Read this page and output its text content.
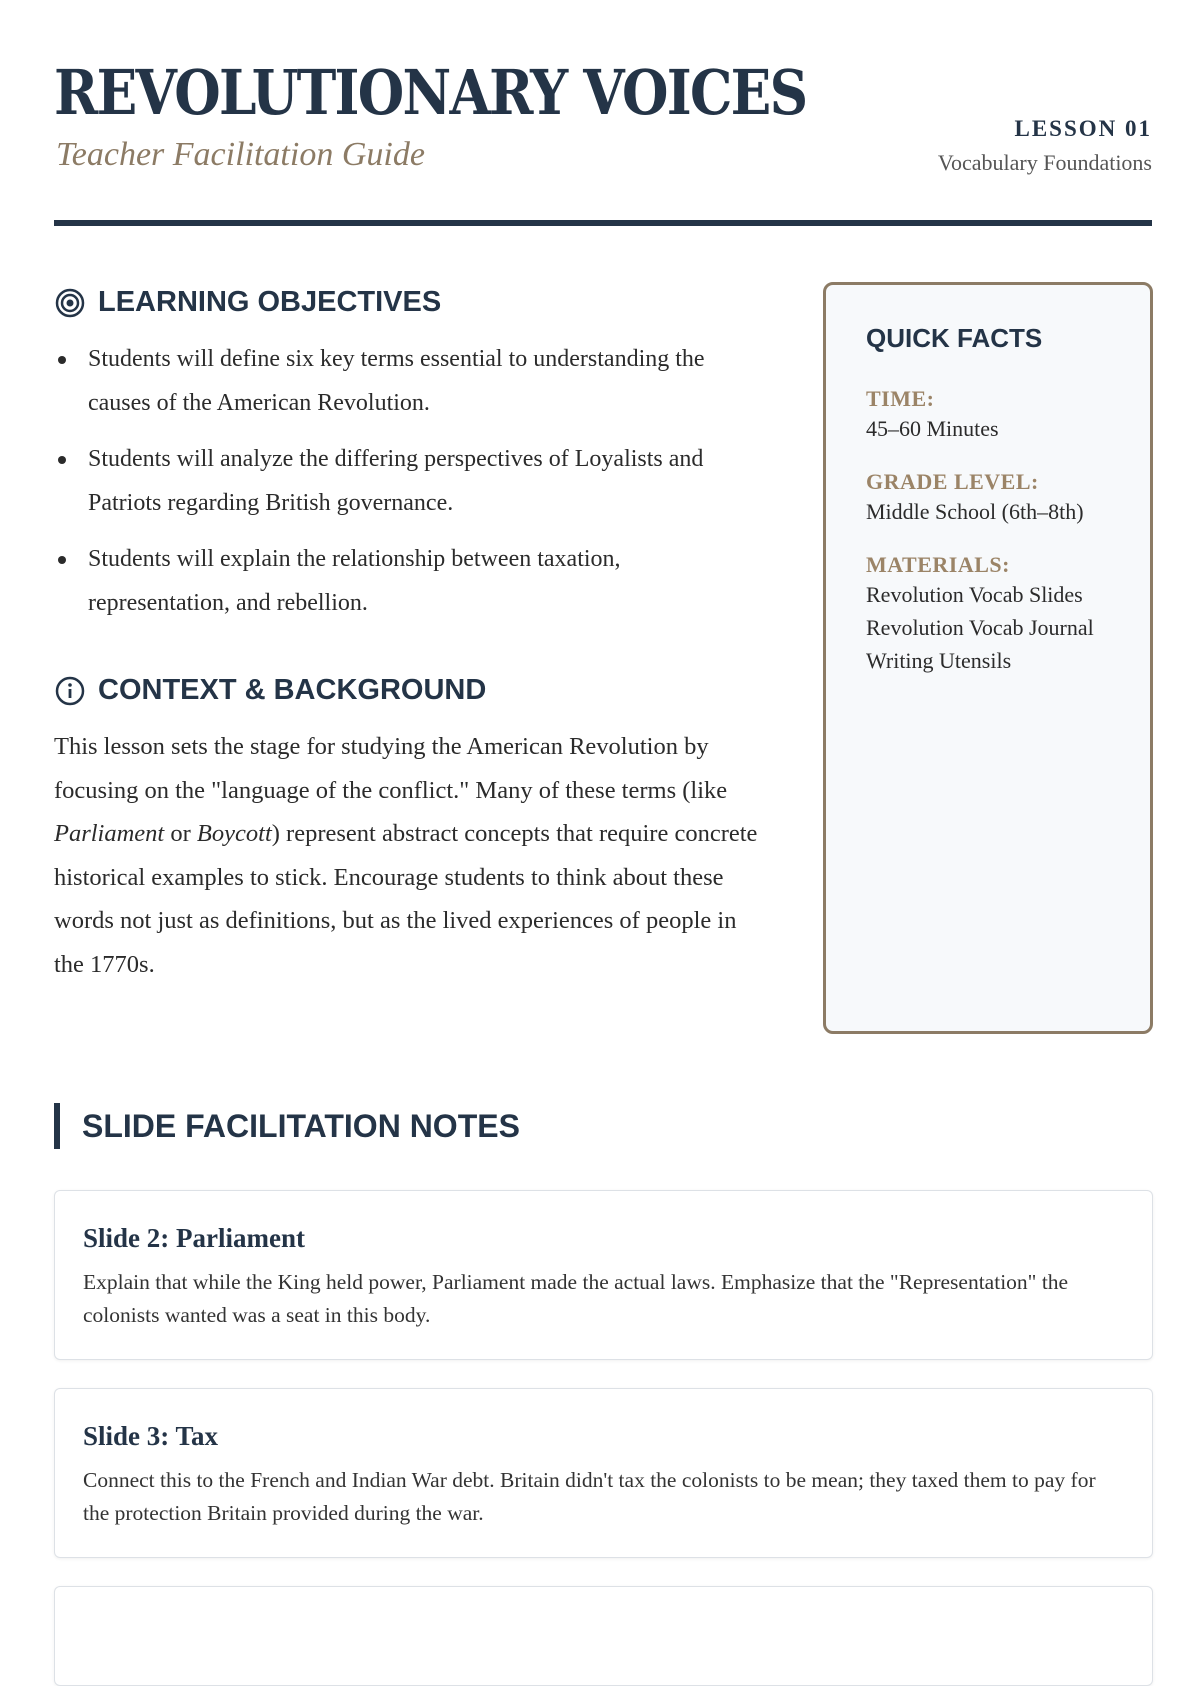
REVOLUTIONARY VOICES
Teacher Facilitation Guide
LESSON 01
Vocabulary Foundations
LEARNING OBJECTIVES
Students will define six key terms essential to understanding the causes of the American Revolution.
Students will analyze the differing perspectives of Loyalists and Patriots regarding British governance.
Students will explain the relationship between taxation, representation, and rebellion.
CONTEXT & BACKGROUND

This lesson sets the stage for studying the American Revolution by focusing on the "language of the conflict." Many of these terms (like Parliament or Boycott) represent abstract concepts that require concrete historical examples to stick. Encourage students to think about these words not just as definitions, but as the lived experiences of people in the 1770s.

QUICK FACTS
TIME:
45–60 Minutes
GRADE LEVEL:
Middle School (6th–8th)
MATERIALS:
Revolution Vocab Slides
Revolution Vocab Journal
Writing Utensils
SLIDE FACILITATION NOTES
Slide 2: Parliament

Explain that while the King held power, Parliament made the actual laws. Emphasize that the "Representation" the colonists wanted was a seat in this body.

Slide 3: Tax

Connect this to the French and Indian War debt. Britain didn't tax the colonists to be mean; they taxed them to pay for the protection Britain provided during the war.
